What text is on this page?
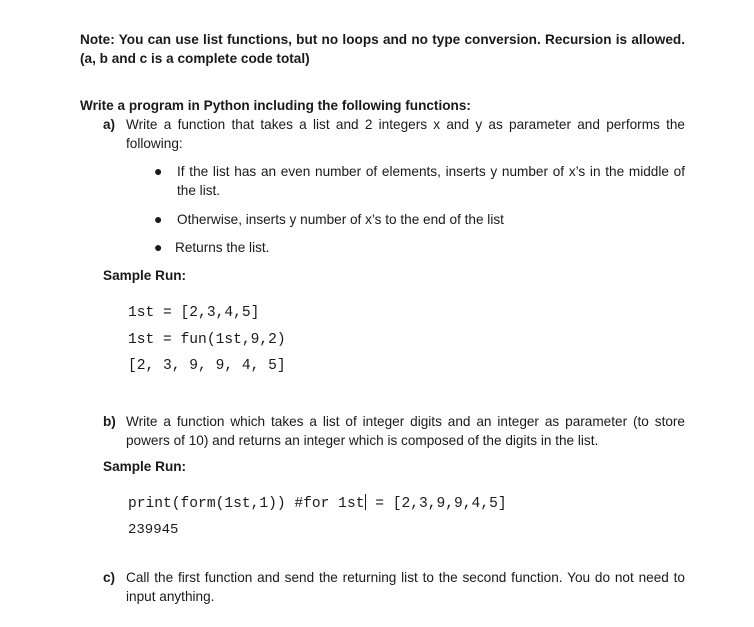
Note: You can use list functions, but no loops and no type conversion. Recursion is allowed. (a, b and c is a complete code total)
Write a program in Python including the following functions:
a) Write a function that takes a list and 2 integers x and y as parameter and performs the following:
● If the list has an even number of elements, inserts y number of x’s in the middle of the list.
● Otherwise, inserts y number of x’s to the end of the list
● Returns the list.
Sample Run:
1st = [2,3,4,5]
1st = fun(1st,9,2)
[2, 3, 9, 9, 4, 5]
b) Write a function which takes a list of integer digits and an integer as parameter (to store powers of 10) and returns an integer which is composed of the digits in the list.
Sample Run:
print(form(1st,1)) #for 1st = [2,3,9,9,4,5]
239945
c) Call the first function and send the returning list to the second function. You do not need to input anything.
